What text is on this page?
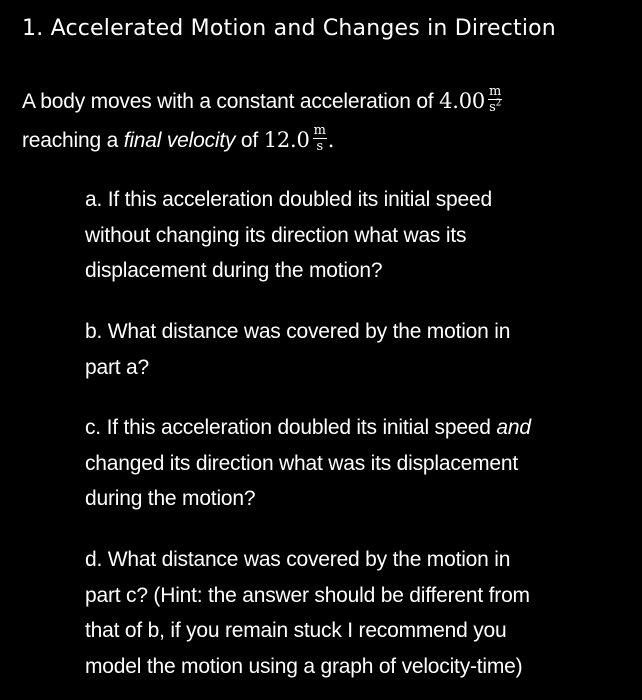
1. Accelerated Motion and Changes in Direction
A body moves with a constant acceleration of $4.00 \frac{m}{s^2}$
reaching a final velocity of $12.0 \frac{m}{s}$ .
a. If this acceleration doubled its initial speed
without changing its direction what was its
displacement during the motion?
b. What distance was covered by the motion in
part a?
c. If this acceleration doubled its initial speed and
changed its direction what was its displacement
during the motion?
d. What distance was covered by the motion in
part c? (Hint: the answer should be different from
that of b, if you remain stuck I recommend you
model the motion using a graph of velocity-time)
